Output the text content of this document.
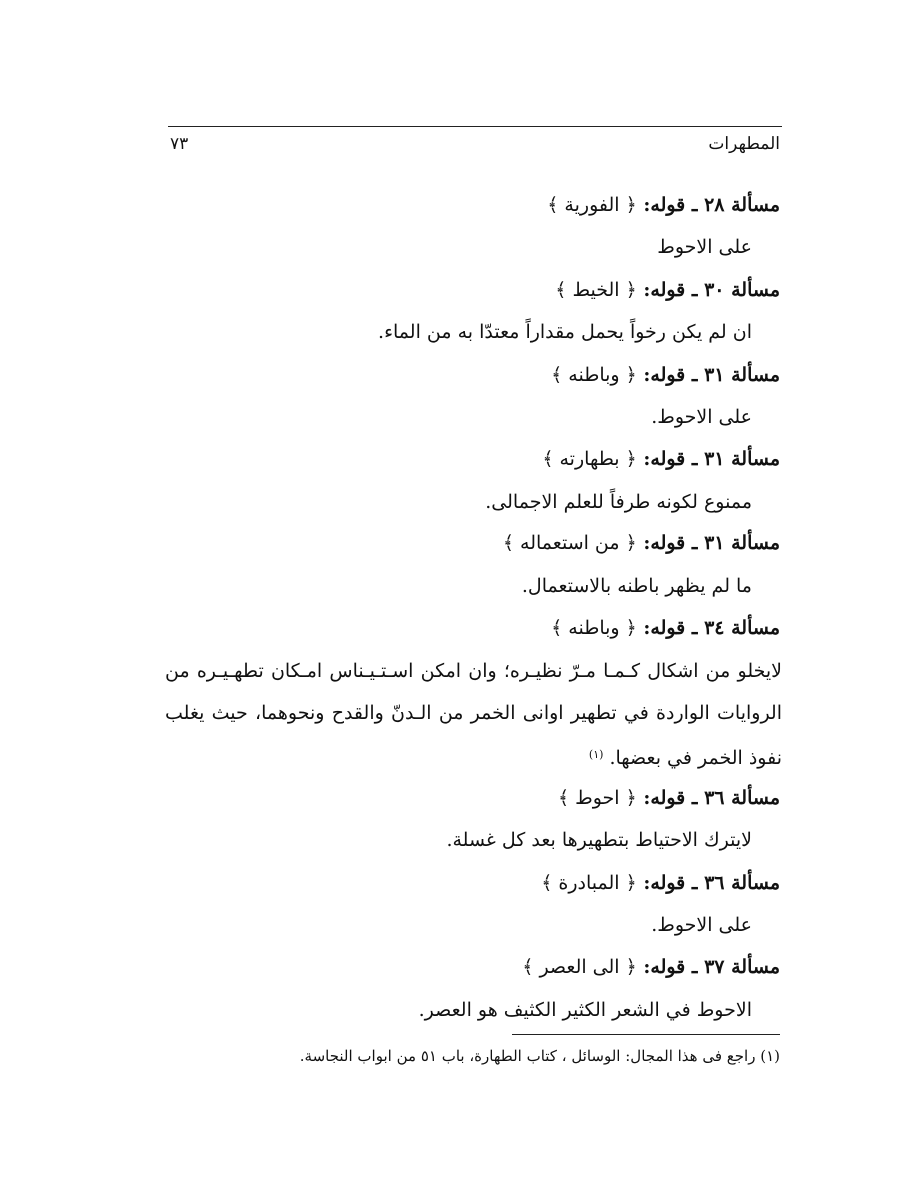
المطهرات
٧٣
مسألة ٢٨ ـ قوله: ﴿ الفورية ﴾
على الاحوط
مسألة ٣٠ ـ قوله: ﴿ الخيط ﴾
ان لم يكن رخواً يحمل مقداراً معتدّا به من الماء.
مسألة ٣١ ـ قوله: ﴿ وباطنه ﴾
على الاحوط.
مسألة ٣١ ـ قوله: ﴿ بطهارته ﴾
ممنوع لكونه طرفاً للعلم الاجمالى.
مسألة ٣١ ـ قوله: ﴿ من استعماله ﴾
ما لم يظهر باطنه بالاستعمال.
مسألة ٣٤ ـ قوله: ﴿ وباطنه ﴾
لايخلو من اشكال كـمـا مـرّ نظيـره؛ وان امكن اسـتـيـناس امـكان تطهـيـره من
الروايات الواردة في تطهير اوانى الخمر من الـدنّ والقدح ونحوهما، حيث يغلب
نفوذ الخمر في بعضها. $^{(١)}$
مسألة ٣٦ ـ قوله: ﴿ احوط ﴾
لايترك الاحتياط بتطهيرها بعد كل غسلة.
مسألة ٣٦ ـ قوله: ﴿ المبادرة ﴾
على الاحوط.
مسألة ٣٧ ـ قوله: ﴿ الى العصر ﴾
الاحوط في الشعر الكثير الكثيف هو العصر.
(١) راجع فى هذا المجال: الوسائل ، كتاب الطهارة، باب ٥١ من ابواب النجاسة.
